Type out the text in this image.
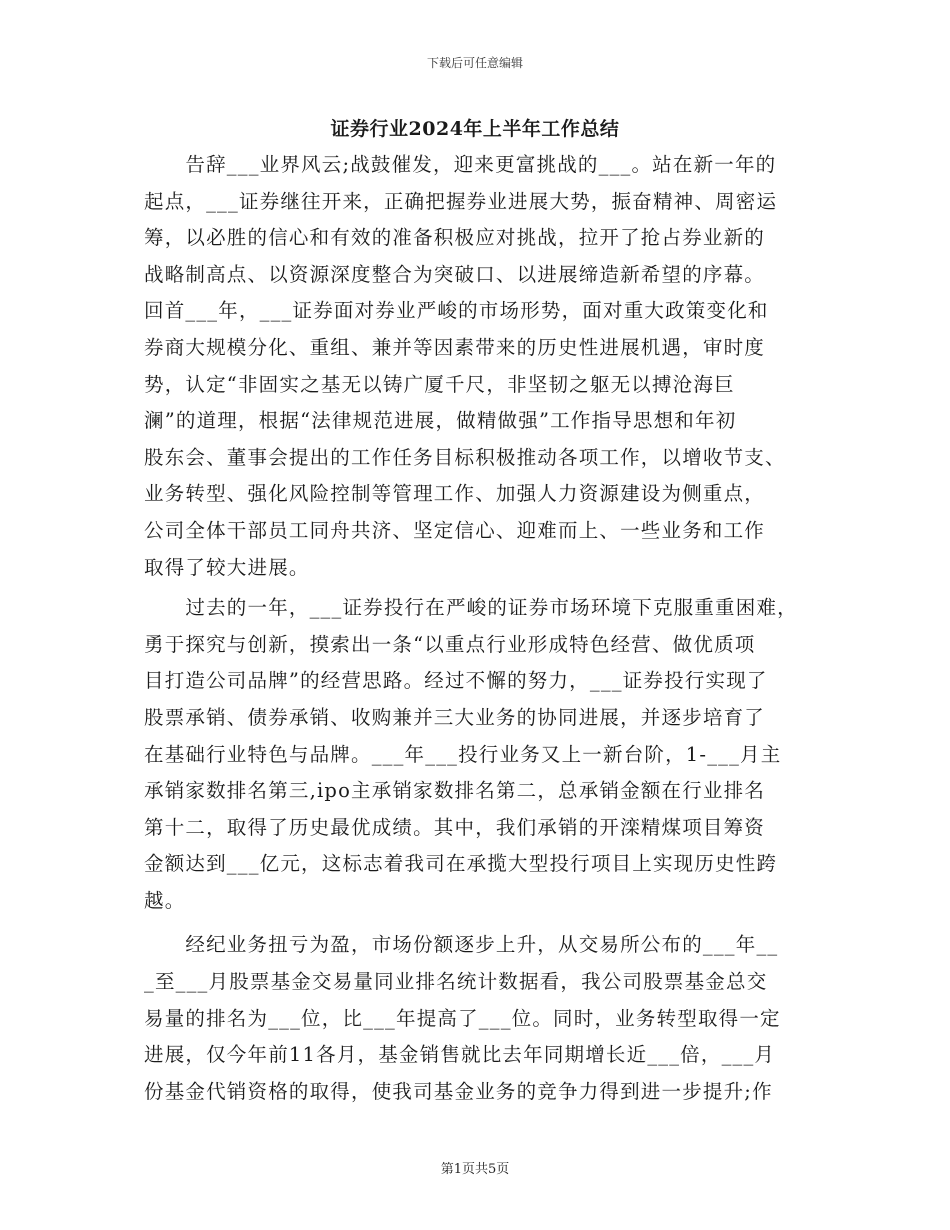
下载后可任意编辑
证券行业2024年上半年工作总结
　　告辞___业界风云;战鼓催发，迎来更富挑战的___。站在新一年的
起点，___证券继往开来，正确把握券业进展大势，振奋精神、周密运
筹，以必胜的信心和有效的准备积极应对挑战，拉开了抢占券业新的
战略制高点、以资源深度整合为突破口、以进展缔造新希望的序幕。
回首___年，___证券面对券业严峻的市场形势，面对重大政策变化和
券商大规模分化、重组、兼并等因素带来的历史性进展机遇，审时度
势，认定“非固实之基无以铸广厦千尺，非坚韧之躯无以搏沧海巨
澜”的道理，根据“法律规范进展，做精做强”工作指导思想和年初
股东会、董事会提出的工作任务目标积极推动各项工作，以增收节支、
业务转型、强化风险控制等管理工作、加强人力资源建设为侧重点，
公司全体干部员工同舟共济、坚定信心、迎难而上、一些业务和工作
取得了较大进展。
　　过去的一年，___证券投行在严峻的证券市场环境下克服重重困难，
勇于探究与创新，摸索出一条“以重点行业形成特色经营、做优质项
目打造公司品牌”的经营思路。经过不懈的努力，___证券投行实现了
股票承销、债券承销、收购兼并三大业务的协同进展，并逐步培育了
在基础行业特色与品牌。___年___投行业务又上一新台阶，1-___月主
承销家数排名第三,ipo主承销家数排名第二，总承销金额在行业排名
第十二，取得了历史最优成绩。其中，我们承销的开滦精煤项目筹资
金额达到___亿元，这标志着我司在承揽大型投行项目上实现历史性跨
越。
　　经纪业务扭亏为盈，市场份额逐步上升，从交易所公布的___年__
_至___月股票基金交易量同业排名统计数据看，我公司股票基金总交
易量的排名为___位，比___年提高了___位。同时，业务转型取得一定
进展，仅今年前11各月，基金销售就比去年同期增长近___倍，___月
份基金代销资格的取得，使我司基金业务的竞争力得到进一步提升;作
第1页共5页
